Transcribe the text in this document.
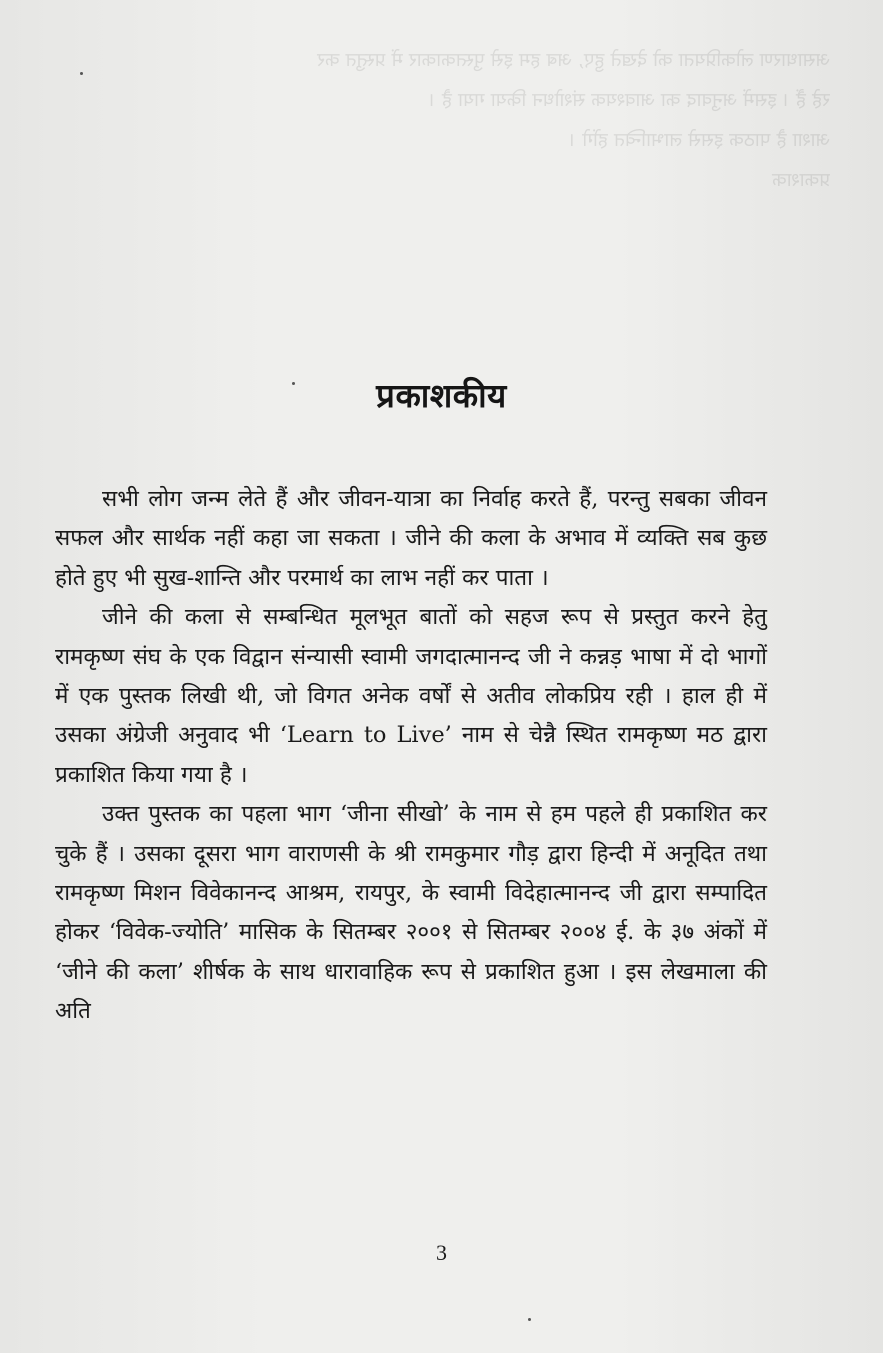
असाधारण लोकप्रियता को देखते हुए, अब हम इसे पुस्तकाकार में प्रस्तुत कर

रहे हैं । इसमें अनुवाद का आवश्यक संशोधन किया गया है ।

आशा है पाठक इससे लाभान्वित होंगे ।

प्रकाशक

प्रकाशकीय

सभी लोग जन्म लेते हैं और जीवन-यात्रा का निर्वाह करते हैं, परन्तु सबका जीवन सफल और सार्थक नहीं कहा जा सकता । जीने की कला के अभाव में व्यक्ति सब कुछ होते हुए भी सुख-शान्ति और परमार्थ का लाभ नहीं कर पाता ।

जीने की कला से सम्बन्धित मूलभूत बातों को सहज रूप से प्रस्तुत करने हेतु रामकृष्ण संघ के एक विद्वान संन्यासी स्वामी जगदात्मानन्द जी ने कन्नड़ भाषा में दो भागों में एक पुस्तक लिखी थी, जो विगत अनेक वर्षों से अतीव लोकप्रिय रही । हाल ही में उसका अंग्रेजी अनुवाद भी ‘Learn to Live’ नाम से चेन्नै स्थित रामकृष्ण मठ द्वारा प्रकाशित किया गया है ।

उक्त पुस्तक का पहला भाग ‘जीना सीखो’ के नाम से हम पहले ही प्रकाशित कर चुके हैं । उसका दूसरा भाग वाराणसी के श्री रामकुमार गौड़ द्वारा हिन्दी में अनूदित तथा रामकृष्ण मिशन विवेकानन्द आश्रम, रायपुर, के स्वामी विदेहात्मानन्द जी द्वारा सम्पादित होकर ‘विवेक-ज्योति’ मासिक के सितम्बर २००१ से सितम्बर २००४ ई. के ३७ अंकों में ‘जीने की कला’ शीर्षक के साथ धारावाहिक रूप से प्रकाशित हुआ । इस लेखमाला की अति

3
